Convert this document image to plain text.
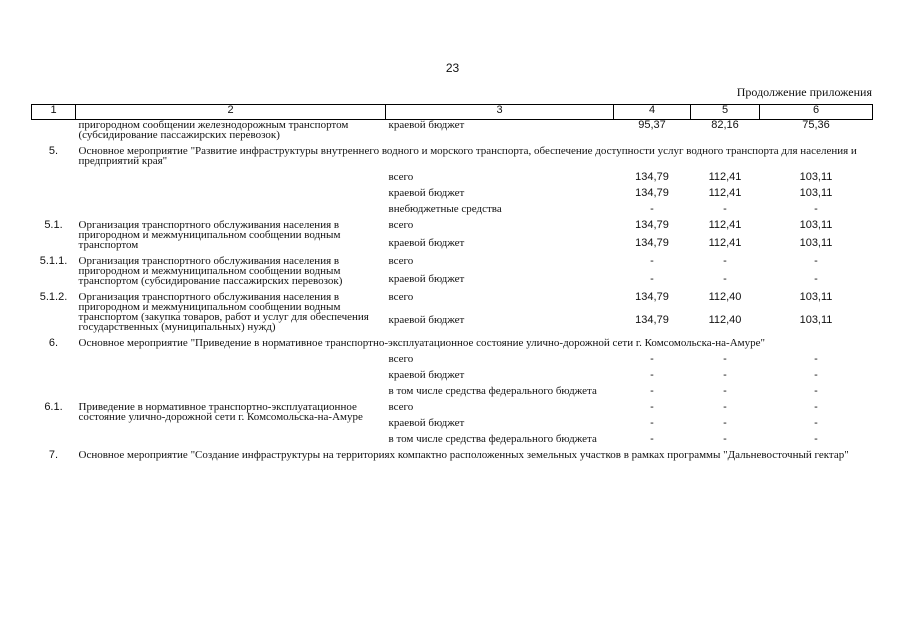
23
Продолжение приложения
1	2	3	4	5	6
	пригородном сообщении железнодорожным транспортом (субсидирование пассажирских перевозок)	краевой бюджет	95,37	82,16	75,36
5.	Основное мероприятие "Развитие инфраструктуры внутреннего водного и морского транспорта, обеспечение доступности услуг водного транспорта для населения и предприятий края"				
		всего	134,79	112,41	103,11
		краевой бюджет	134,79	112,41	103,11
		внебюджетные средства	-	-	-
5.1.	Организация транспортного обслуживания населения в пригородном и межмуниципальном сообщении водным транспортом	всего	134,79	112,41	103,11
		краевой бюджет	134,79	112,41	103,11
5.1.1.	Организация транспортного обслуживания населения в пригородном и межмуниципальном сообщении водным транспортом (субсидирование пассажирских перевозок)	всего	-	-	-
		краевой бюджет	-	-	-
5.1.2.	Организация транспортного обслуживания населения в пригородном и межмуниципальном сообщении водным транспортом (закупка товаров, работ и услуг для обеспечения государственных (муниципальных) нужд)	всего	134,79	112,40	103,11
		краевой бюджет	134,79	112,40	103,11
6.	Основное мероприятие "Приведение в нормативное транспортно-эксплуатационное состояние улично-дорожной сети г. Комсомольска-на-Амуре"				
		всего	-	-	-
		краевой бюджет	-	-	-
		в том числе средства федерального бюджета	-	-	-
6.1.	Приведение в нормативное транспортно-эксплуатационное состояние улично-дорожной сети г. Комсомольска-на-Амуре	всего	-	-	-
		краевой бюджет	-	-	-
		в том числе средства федерального бюджета	-	-	-
7.	Основное мероприятие "Создание инфраструктуры на территориях компактно расположенных земельных участков в рамках программы "Дальневосточный гектар"				
